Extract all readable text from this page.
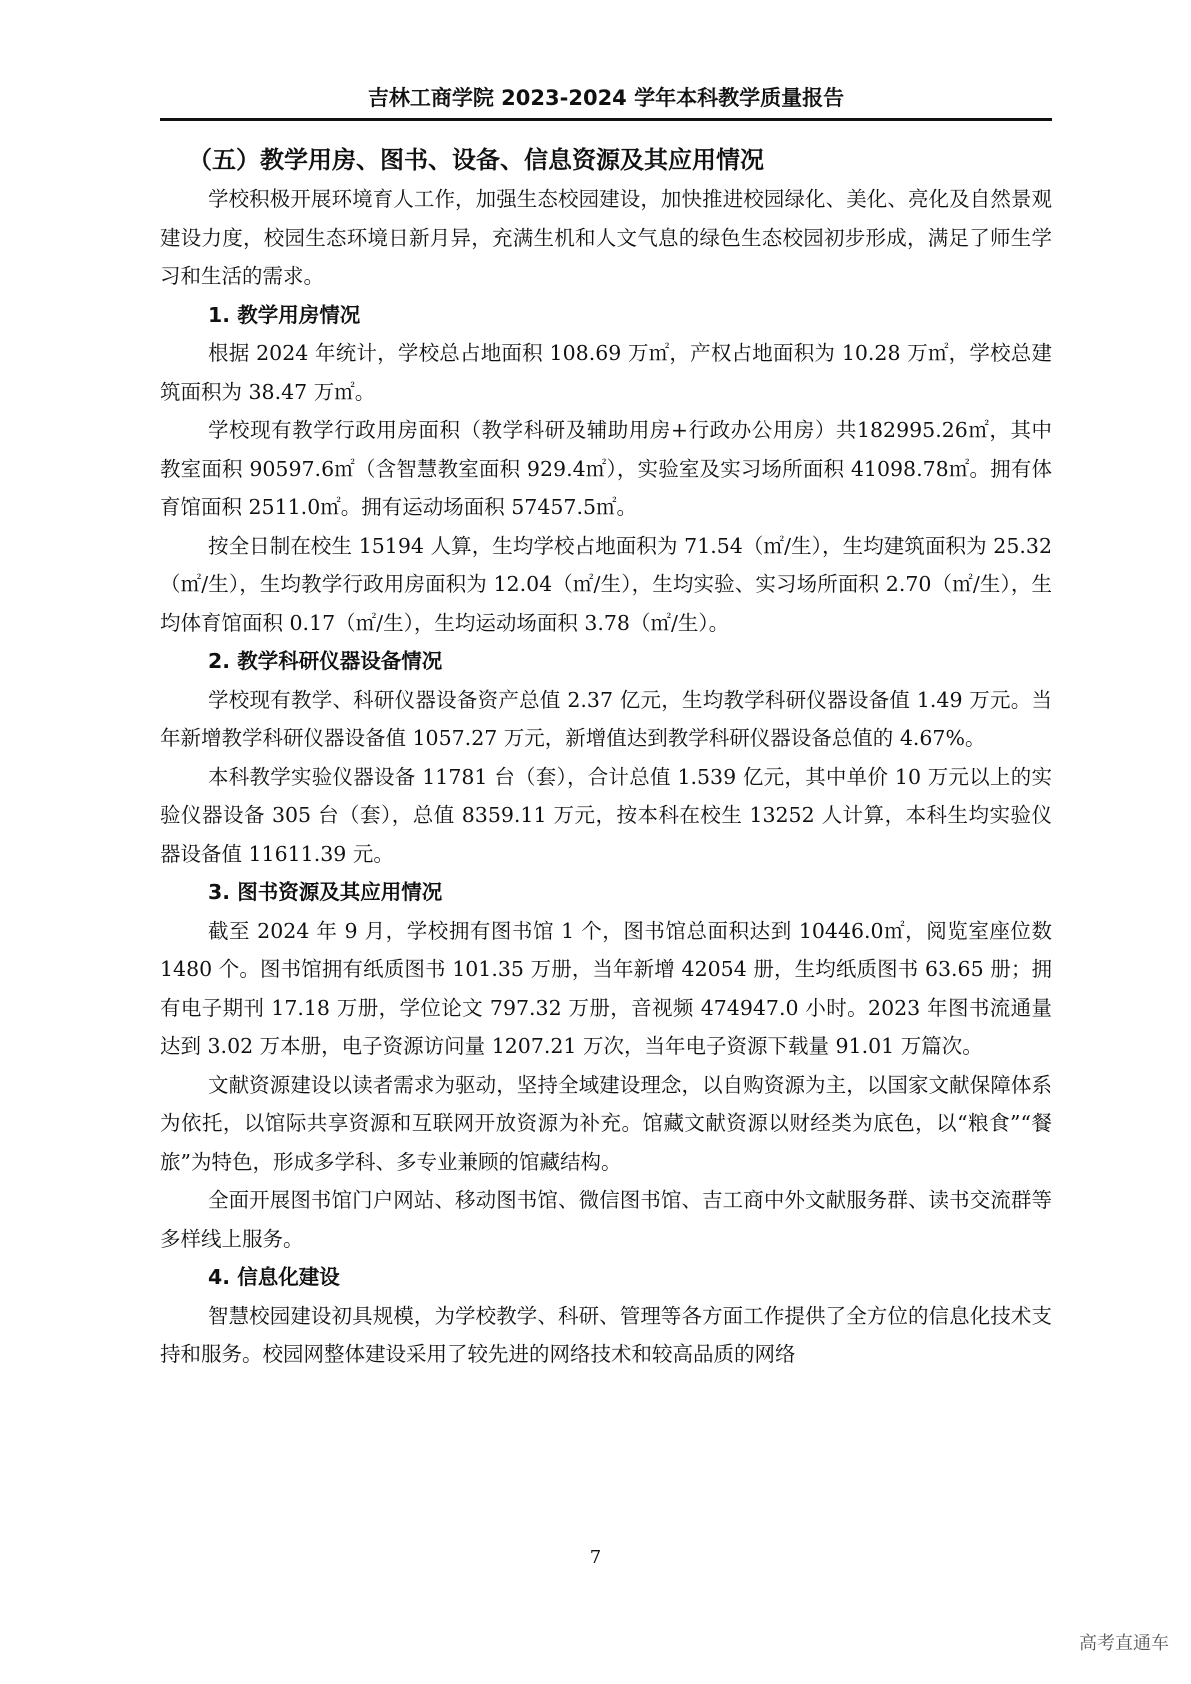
吉林工商学院 2023-2024 学年本科教学质量报告
（五）教学用房、图书、设备、信息资源及其应用情况

学校积极开展环境育人工作，加强生态校园建设，加快推进校园绿化、美化、亮化及自然景观建设力度，校园生态环境日新月异，充满生机和人文气息的绿色生态校园初步形成，满足了师生学习和生活的需求。

1. 教学用房情况

根据 2024 年统计，学校总占地面积 108.69 万㎡，产权占地面积为 10.28 万㎡，学校总建筑面积为 38.47 万㎡。

学校现有教学行政用房面积（教学科研及辅助用房+行政办公用房）共182995.26㎡，其中教室面积 90597.6㎡（含智慧教室面积 929.4㎡），实验室及实习场所面积 41098.78㎡。拥有体育馆面积 2511.0㎡。拥有运动场面积 57457.5㎡。

按全日制在校生 15194 人算，生均学校占地面积为 71.54（㎡/生），生均建筑面积为 25.32（㎡/生），生均教学行政用房面积为 12.04（㎡/生），生均实验、实习场所面积 2.70（㎡/生），生均体育馆面积 0.17（㎡/生），生均运动场面积 3.78（㎡/生）。

2. 教学科研仪器设备情况

学校现有教学、科研仪器设备资产总值 2.37 亿元，生均教学科研仪器设备值 1.49 万元。当年新增教学科研仪器设备值 1057.27 万元，新增值达到教学科研仪器设备总值的 4.67%。

本科教学实验仪器设备 11781 台（套），合计总值 1.539 亿元，其中单价 10 万元以上的实验仪器设备 305 台（套），总值 8359.11 万元，按本科在校生 13252 人计算，本科生均实验仪器设备值 11611.39 元。

3. 图书资源及其应用情况

截至 2024 年 9 月，学校拥有图书馆 1 个，图书馆总面积达到 10446.0㎡，阅览室座位数 1480 个。图书馆拥有纸质图书 101.35 万册，当年新增 42054 册，生均纸质图书 63.65 册；拥有电子期刊 17.18 万册，学位论文 797.32 万册，音视频 474947.0 小时。2023 年图书流通量达到 3.02 万本册，电子资源访问量 1207.21 万次，当年电子资源下载量 91.01 万篇次。

文献资源建设以读者需求为驱动，坚持全域建设理念，以自购资源为主，以国家文献保障体系为依托，以馆际共享资源和互联网开放资源为补充。馆藏文献资源以财经类为底色，以“粮食”“餐旅”为特色，形成多学科、多专业兼顾的馆藏结构。

全面开展图书馆门户网站、移动图书馆、微信图书馆、吉工商中外文献服务群、读书交流群等多样线上服务。

4. 信息化建设

智慧校园建设初具规模，为学校教学、科研、管理等各方面工作提供了全方位的信息化技术支持和服务。校园网整体建设采用了较先进的网络技术和较高品质的网络

7
高考直通车
